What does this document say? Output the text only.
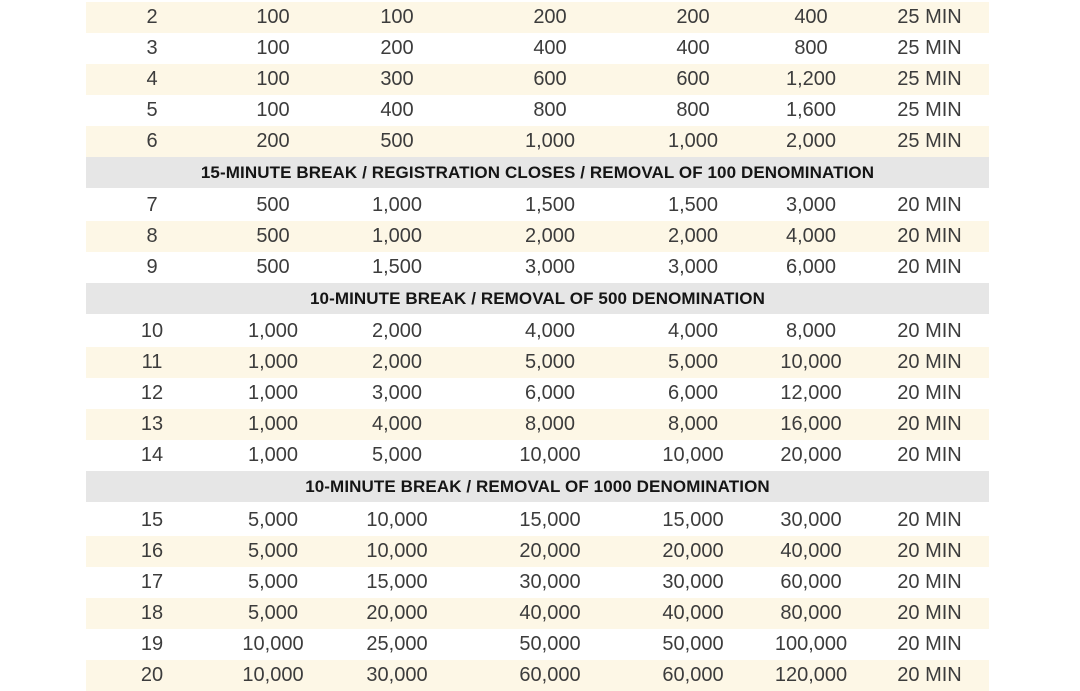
2	100	100	200	200	400	25 MIN
3	100	200	400	400	800	25 MIN
4	100	300	600	600	1,200	25 MIN
5	100	400	800	800	1,600	25 MIN
6	200	500	1,000	1,000	2,000	25 MIN
15-MINUTE BREAK / REGISTRATION CLOSES / REMOVAL OF 100 DENOMINATION
7	500	1,000	1,500	1,500	3,000	20 MIN
8	500	1,000	2,000	2,000	4,000	20 MIN
9	500	1,500	3,000	3,000	6,000	20 MIN
10-MINUTE BREAK / REMOVAL OF 500 DENOMINATION
10	1,000	2,000	4,000	4,000	8,000	20 MIN
11	1,000	2,000	5,000	5,000	10,000	20 MIN
12	1,000	3,000	6,000	6,000	12,000	20 MIN
13	1,000	4,000	8,000	8,000	16,000	20 MIN
14	1,000	5,000	10,000	10,000	20,000	20 MIN
10-MINUTE BREAK / REMOVAL OF 1000 DENOMINATION
15	5,000	10,000	15,000	15,000	30,000	20 MIN
16	5,000	10,000	20,000	20,000	40,000	20 MIN
17	5,000	15,000	30,000	30,000	60,000	20 MIN
18	5,000	20,000	40,000	40,000	80,000	20 MIN
19	10,000	25,000	50,000	50,000	100,000	20 MIN
20	10,000	30,000	60,000	60,000	120,000	20 MIN
